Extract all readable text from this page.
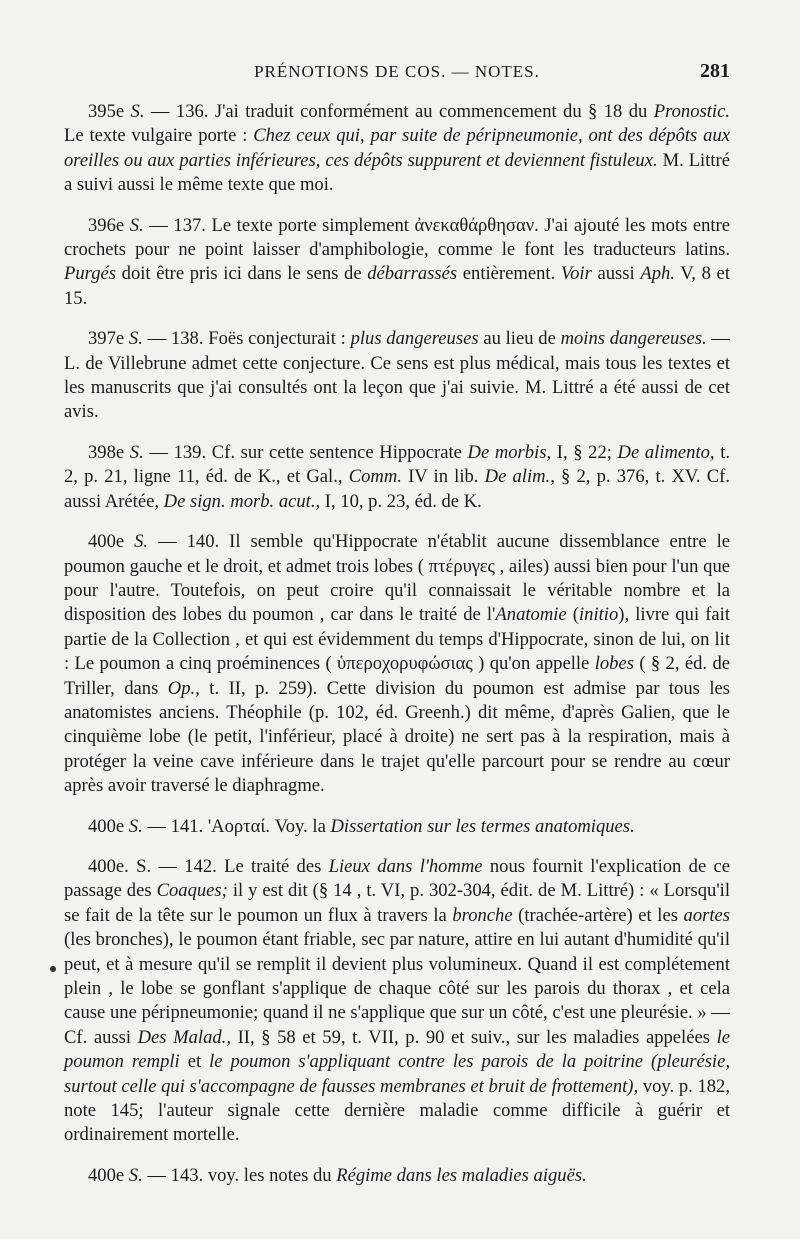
PRÉNOTIONS DE COS. — NOTES.	281

395e S. — 136. J'ai traduit conformément au commencement du § 18 du Pronostic. Le texte vulgaire porte : Chez ceux qui, par suite de péripneumonie, ont des dépôts aux oreilles ou aux parties inférieures, ces dépôts suppurent et deviennent fistuleux. M. Littré a suivi aussi le même texte que moi.

396e S. — 137. Le texte porte simplement ἀνεκαθάρθησαν. J'ai ajouté les mots entre crochets pour ne point laisser d'amphibologie, comme le font les traducteurs latins. Purgés doit être pris ici dans le sens de débarrassés entièrement. Voir aussi Aph. V, 8 et 15.

397e S. — 138. Foës conjecturait : plus dangereuses au lieu de moins dangereuses. — L. de Villebrune admet cette conjecture. Ce sens est plus médical, mais tous les textes et les manuscrits que j'ai consultés ont la leçon que j'ai suivie. M. Littré a été aussi de cet avis.

398e S. — 139. Cf. sur cette sentence Hippocrate De morbis, I, § 22; De alimento, t. 2, p. 21, ligne 11, éd. de K., et Gal., Comm. IV in lib. De alim., § 2, p. 376, t. XV. Cf. aussi Arétée, De sign. morb. acut., I, 10, p. 23, éd. de K.

400e S. — 140. Il semble qu'Hippocrate n'établit aucune dissemblance entre le poumon gauche et le droit, et admet trois lobes ( πτέρυγες , ailes) aussi bien pour l'un que pour l'autre. Toutefois, on peut croire qu'il connaissait le véritable nombre et la disposition des lobes du poumon , car dans le traité de l'Anatomie (initio), livre qui fait partie de la Collection , et qui est évidemment du temps d'Hippocrate, sinon de lui, on lit : Le poumon a cinq proéminences ( ὑπεροχορυφώσιας ) qu'on appelle lobes ( § 2, éd. de Triller, dans Op., t. II, p. 259). Cette division du poumon est admise par tous les anatomistes anciens. Théophile (p. 102, éd. Greenh.) dit même, d'après Galien, que le cinquième lobe (le petit, l'inférieur, placé à droite) ne sert pas à la respiration, mais à protéger la veine cave inférieure dans le trajet qu'elle parcourt pour se rendre au cœur après avoir traversé le diaphragme.

400e S. — 141. 'Αορταί. Voy. la Dissertation sur les termes anatomiques.

400e. S. — 142. Le traité des Lieux dans l'homme nous fournit l'explication de ce passage des Coaques; il y est dit (§ 14 , t. VI, p. 302-304, édit. de M. Littré) : « Lorsqu'il se fait de la tête sur le poumon un flux à travers la bronche (trachée-artère) et les aortes (les bronches), le poumon étant friable, sec par nature, attire en lui autant d'humidité qu'il peut, et à mesure qu'il se remplit il devient plus volumineux. Quand il est complétement plein , le lobe se gonflant s'applique de chaque côté sur les parois du thorax , et cela cause une péripneumonie; quand il ne s'applique que sur un côté, c'est une pleurésie. » — Cf. aussi Des Malad., II, § 58 et 59, t. VII, p. 90 et suiv., sur les maladies appelées le poumon rempli et le poumon s'appliquant contre les parois de la poitrine (pleurésie, surtout celle qui s'accompagne de fausses membranes et bruit de frottement), voy. p. 182, note 145; l'auteur signale cette dernière maladie comme difficile à guérir et ordinairement mortelle.

400e S. — 143. voy. les notes du Régime dans les maladies aiguës.
